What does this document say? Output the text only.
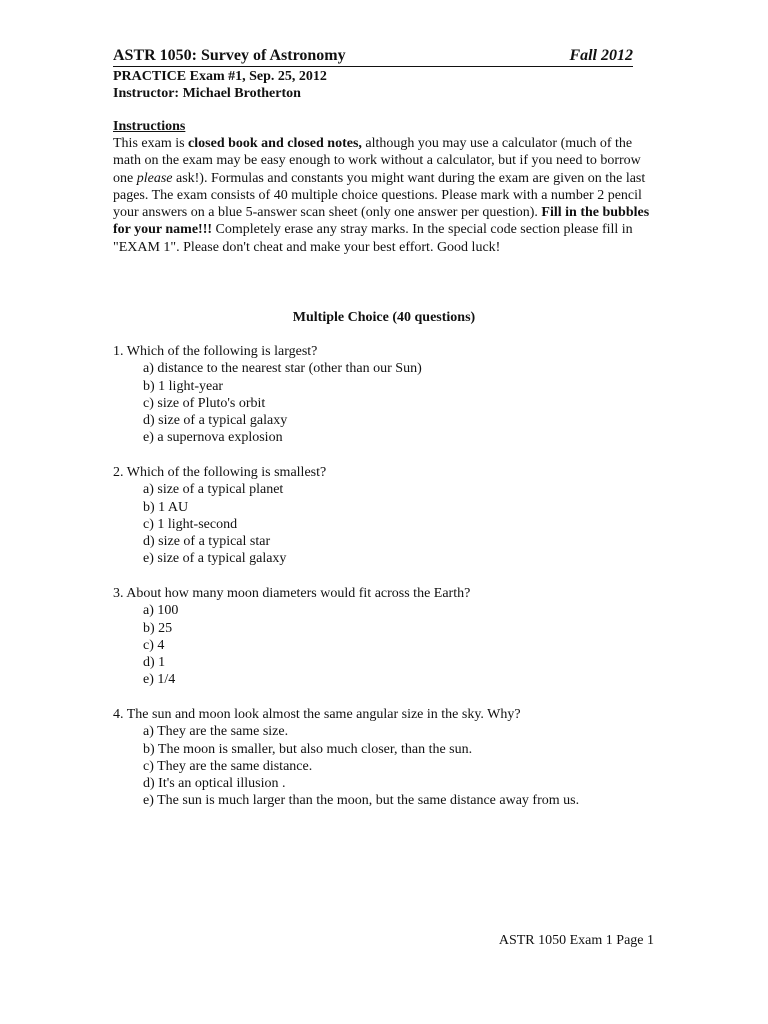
ASTR 1050: Survey of Astronomy	Fall 2012
PRACTICE Exam #1, Sep. 25, 2012
Instructor: Michael Brotherton
Instructions
This exam is closed book and closed notes, although you may use a calculator (much of the math on the exam may be easy enough to work without a calculator, but if you need to borrow one please ask!). Formulas and constants you might want during the exam are given on the last pages. The exam consists of 40 multiple choice questions. Please mark with a number 2 pencil your answers on a blue 5-answer scan sheet (only one answer per question). Fill in the bubbles for your name!!! Completely erase any stray marks. In the special code section please fill in "EXAM 1". Please don't cheat and make your best effort. Good luck!
Multiple Choice (40 questions)
1. Which of the following is largest?
a) distance to the nearest star (other than our Sun)
b) 1 light-year
c) size of Pluto's orbit
d) size of a typical galaxy
e) a supernova explosion
2. Which of the following is smallest?
a) size of a typical planet
b) 1 AU
c) 1 light-second
d) size of a typical star
e) size of a typical galaxy
3. About how many moon diameters would fit across the Earth?
a) 100
b) 25
c) 4
d) 1
e) 1/4
4. The sun and moon look almost the same angular size in the sky. Why?
a) They are the same size.
b) The moon is smaller, but also much closer, than the sun.
c) They are the same distance.
d) It's an optical illusion .
e) The sun is much larger than the moon, but the same distance away from us.
ASTR 1050 Exam 1 Page 1
